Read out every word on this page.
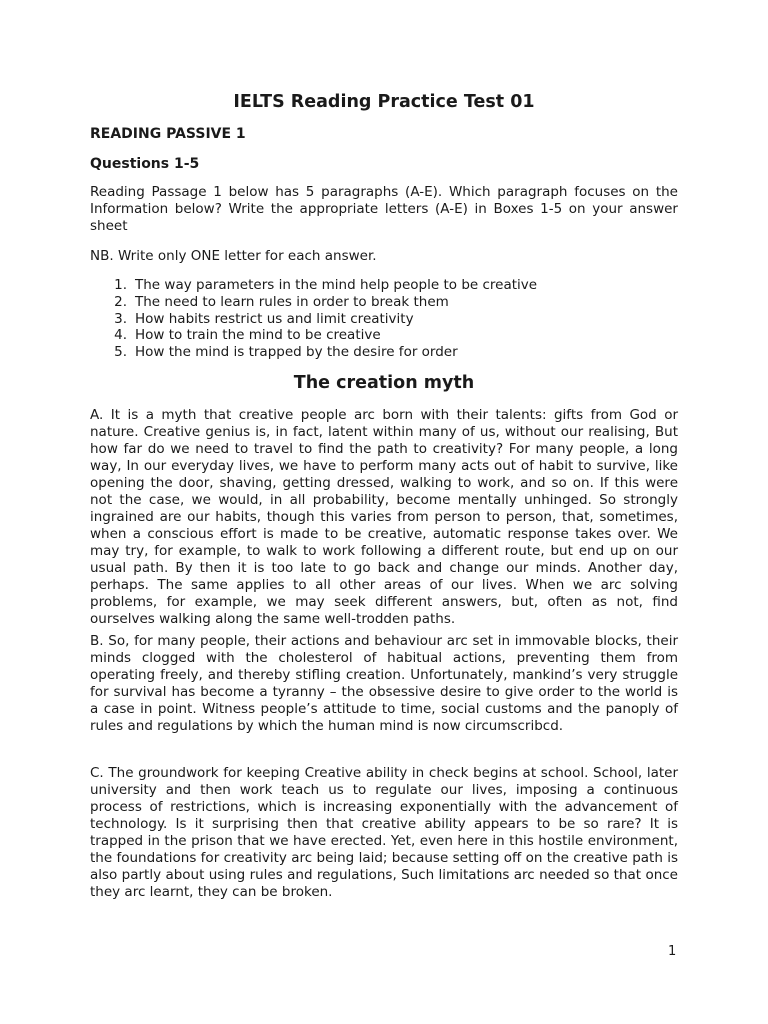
IELTS Reading Practice Test 01
READING PASSIVE 1
Questions 1-5

Reading Passage 1 below has 5 paragraphs (A-E). Which paragraph focuses on the Information below? Write the appropriate letters (A-E) in Boxes 1-5 on your answer sheet

NB. Write only ONE letter for each answer.

1. The way parameters in the mind help people to be creative
2. The need to learn rules in order to break them
3. How habits restrict us and limit creativity
4. How to train the mind to be creative
5. How the mind is trapped by the desire for order
The creation myth

A. It is a myth that creative people arc born with their talents: gifts from God or nature. Creative genius is, in fact, latent within many of us, without our realising, But how far do we need to travel to find the path to creativity? For many people, a long way, In our everyday lives, we have to perform many acts out of habit to survive, like opening the door, shaving, getting dressed, walking to work, and so on. If this were not the case, we would, in all probability, become mentally unhinged. So strongly ingrained are our habits, though this varies from person to person, that, sometimes, when a conscious effort is made to be creative, automatic response takes over. We may try, for example, to walk to work following a different route, but end up on our usual path. By then it is too late to go back and change our minds. Another day, perhaps. The same applies to all other areas of our lives. When we arc solving problems, for example, we may seek different answers, but, often as not, find ourselves walking along the same well-trodden paths.

B. So, for many people, their actions and behaviour arc set in immovable blocks, their minds clogged with the cholesterol of habitual actions, preventing them from operating freely, and thereby stifling creation. Unfortunately, mankind’s very struggle for survival has become a tyranny – the obsessive desire to give order to the world is a case in point. Witness people’s attitude to time, social customs and the panoply of rules and regulations by which the human mind is now circumscribcd.

C. The groundwork for keeping Creative ability in check begins at school. School, later university and then work teach us to regulate our lives, imposing a continuous process of restrictions, which is increasing exponentially with the advancement of technology. Is it surprising then that creative ability appears to be so rare? It is trapped in the prison that we have erected. Yet, even here in this hostile environment, the foundations for creativity arc being laid; because setting off on the creative path is also partly about using rules and regulations, Such limitations arc needed so that once they arc learnt, they can be broken.

1
